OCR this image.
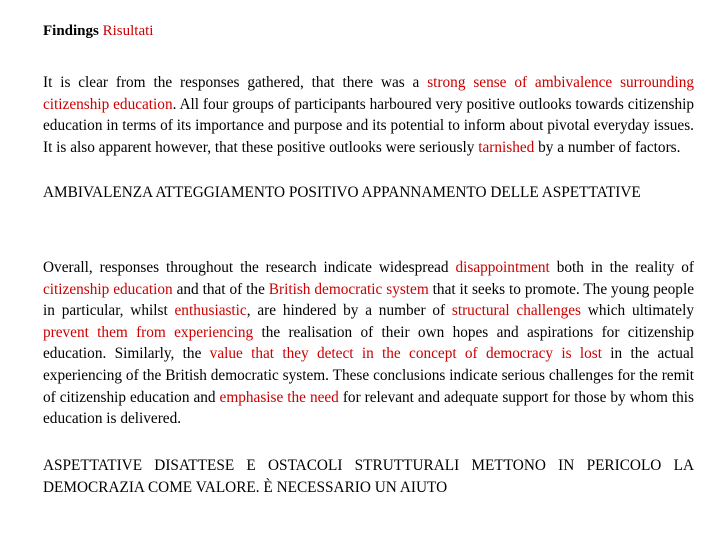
Findings Risultati

It is clear from the responses gathered, that there was a strong sense of ambivalence surrounding citizenship education. All four groups of participants harboured very positive outlooks towards citizenship education in terms of its importance and purpose and its potential to inform about pivotal everyday issues. It is also apparent however, that these positive outlooks were seriously tarnished by a number of factors.

AMBIVALENZA ATTEGGIAMENTO POSITIVO APPANNAMENTO DELLE ASPETTATIVE

Overall, responses throughout the research indicate widespread disappointment both in the reality of citizenship education and that of the British democratic system that it seeks to promote. The young people in particular, whilst enthusiastic, are hindered by a number of structural challenges which ultimately prevent them from experiencing the realisation of their own hopes and aspirations for citizenship education. Similarly, the value that they detect in the concept of democracy is lost in the actual experiencing of the British democratic system. These conclusions indicate serious challenges for the remit of citizenship education and emphasise the need for relevant and adequate support for those by whom this education is delivered.

ASPETTATIVE DISATTESE E OSTACOLI STRUTTURALI METTONO IN PERICOLO LA DEMOCRAZIA COME VALORE. È NECESSARIO UN AIUTO
